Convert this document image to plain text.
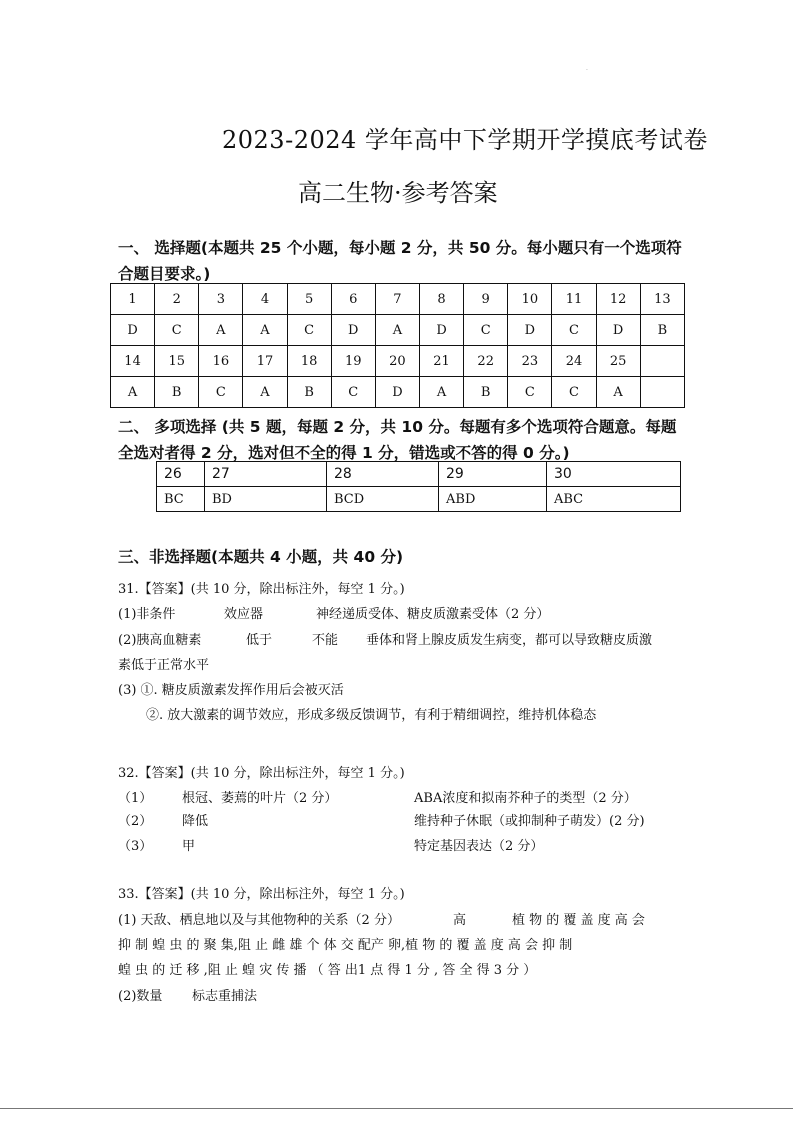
.
2023-2024 学年高中下学期开学摸底考试卷
高二生物·参考答案
一、 选择题(本题共 25 个小题，每小题 2 分，共 50 分。每小题只有一个选项符
合题目要求。)
1	2	3	4	5	6	7	8	9	10	11	12	13
D	C	A	A	C	D	A	D	C	D	C	D	B
14	15	16	17	18	19	20	21	22	23	24	25	
A	B	C	A	B	C	D	A	B	C	C	A	
二、 多项选择 (共 5 题，每题 2 分，共 10 分。每题有多个选项符合题意。每题
全选对者得 2 分，选对但不全的得 1 分，错选或不答的得 0 分。)
26	27	28	29	30
BC	BD	BCD	ABD	ABC
三、非选择题(本题共 4 小题，共 40 分)
31.【答案】(共 10 分，除出标注外，每空 1 分。)
(1)非条件	效应器	神经递质受体、糖皮质激素受体（2 分）
(2)胰高血糖素	低于	不能 垂体和肾上腺皮质发生病变，都可以导致糖皮质激
素低于正常水平
(3) ①. 糖皮质激素发挥作用后会被灭活
②. 放大激素的调节效应，形成多级反馈调节，有利于精细调控，维持机体稳态
32.【答案】(共 10 分，除出标注外，每空 1 分。)
（1） 根冠、萎蔫的叶片（2 分）	ABA浓度和拟南芥种子的类型（2 分）
（2） 降低	维持种子休眠（或抑制种子萌发）(2 分)
（3） 甲	特定基因表达（2 分）
33.【答案】(共 10 分，除出标注外，每空 1 分。)
(1) 天敌、栖息地以及与其他物种的关系（2 分）	高	植 物 的 覆 盖 度 高 会
抑 制 蝗 虫 的 聚 集,阻 止 雌 雄 个 体 交 配产 卵,植 物 的 覆 盖 度 高 会 抑 制
蝗 虫 的 迁 移 ,阻 止 蝗 灾 传 播 （ 答 出1 点 得 1 分 , 答 全 得 3 分 ）
(2)数量 标志重捕法
